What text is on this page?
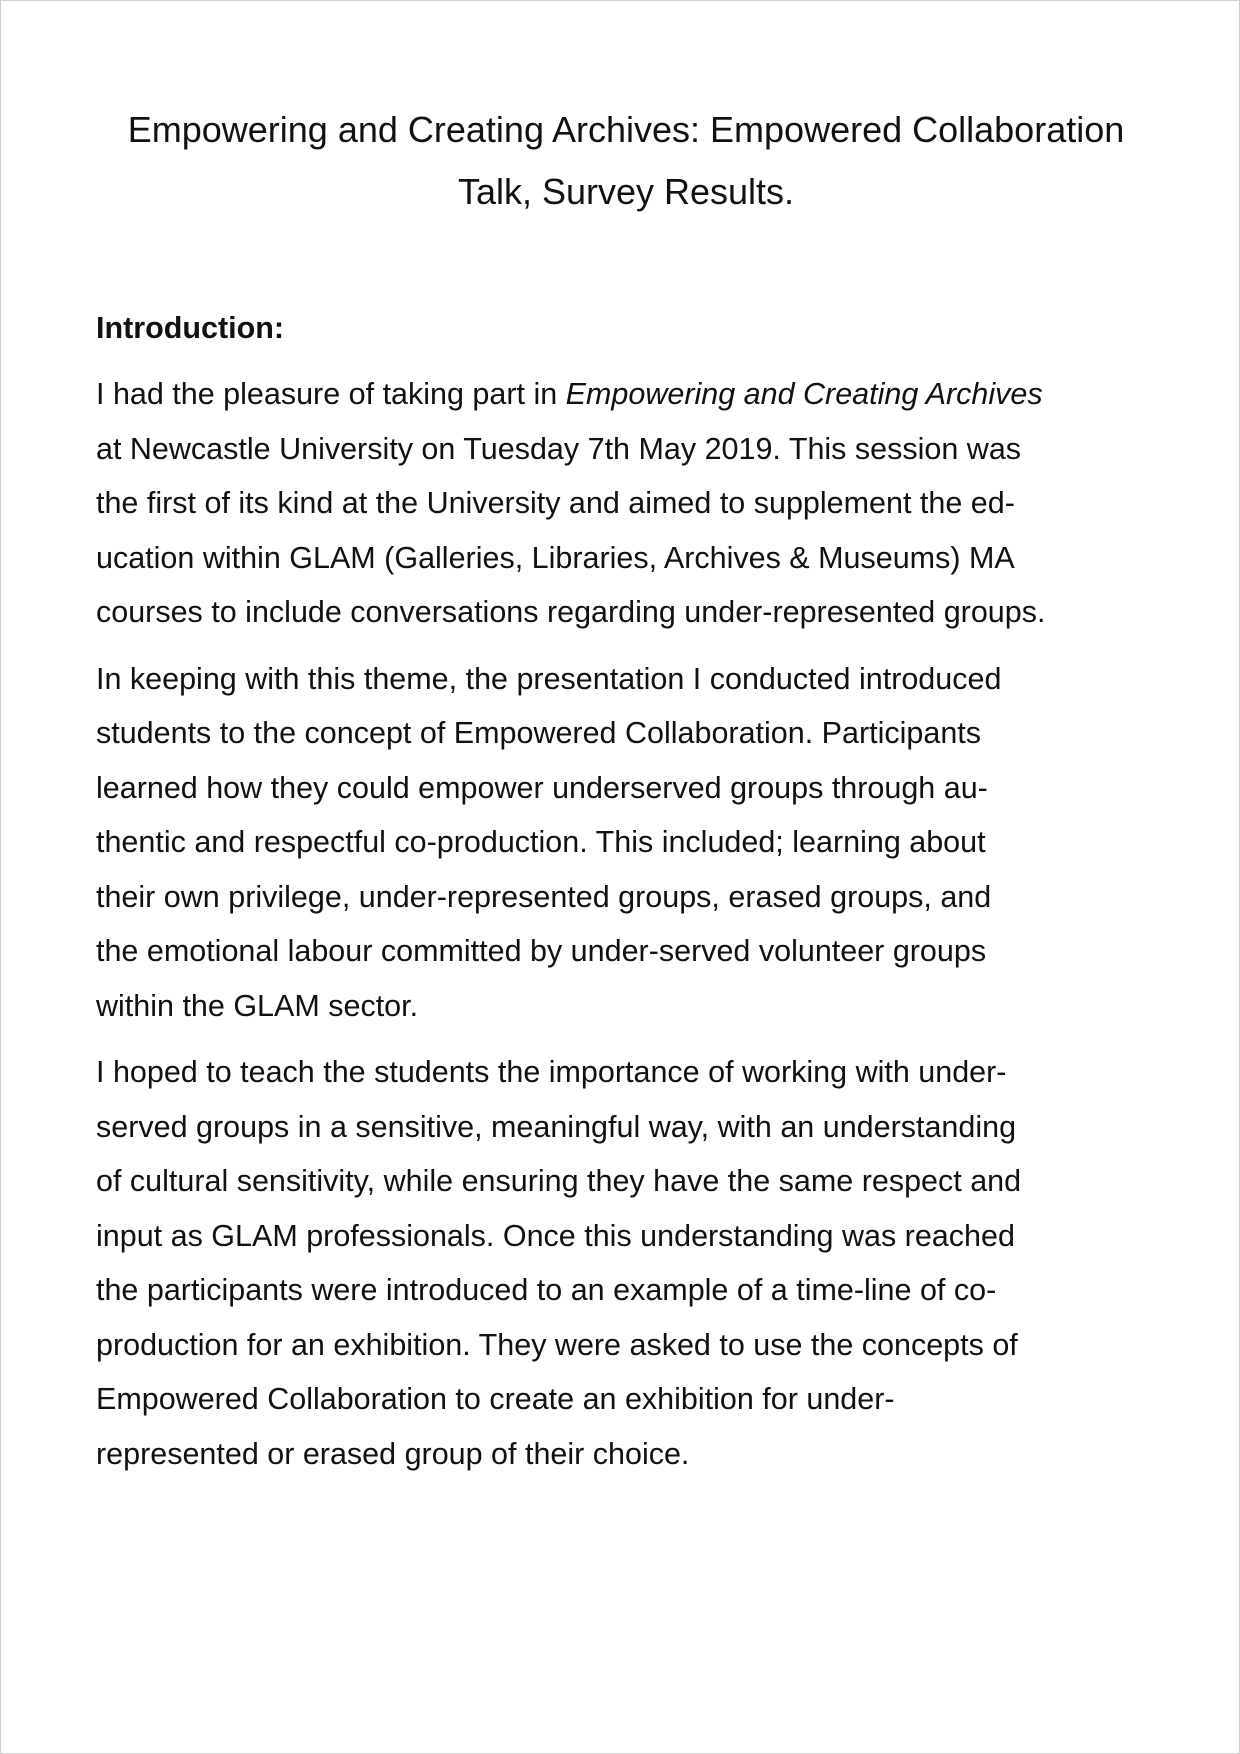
Empowering and Creating Archives: Empowered Collaboration
Talk, Survey Results.
Introduction:
I had the pleasure of taking part in Empowering and Creating Archives
at Newcastle University on Tuesday 7th May 2019. This session was
the first of its kind at the University and aimed to supplement the ed-
ucation within GLAM (Galleries, Libraries, Archives & Museums) MA
courses to include conversations regarding under-represented groups.
In keeping with this theme, the presentation I conducted introduced
students to the concept of Empowered Collaboration. Participants
learned how they could empower underserved groups through au-
thentic and respectful co-production. This included; learning about
their own privilege, under-represented groups, erased groups, and
the emotional labour committed by under-served volunteer groups
within the GLAM sector.
I hoped to teach the students the importance of working with under-
served groups in a sensitive, meaningful way, with an understanding
of cultural sensitivity, while ensuring they have the same respect and
input as GLAM professionals. Once this understanding was reached
the participants were introduced to an example of a time-line of co-
production for an exhibition. They were asked to use the concepts of
Empowered Collaboration to create an exhibition for under-
represented or erased group of their choice.
